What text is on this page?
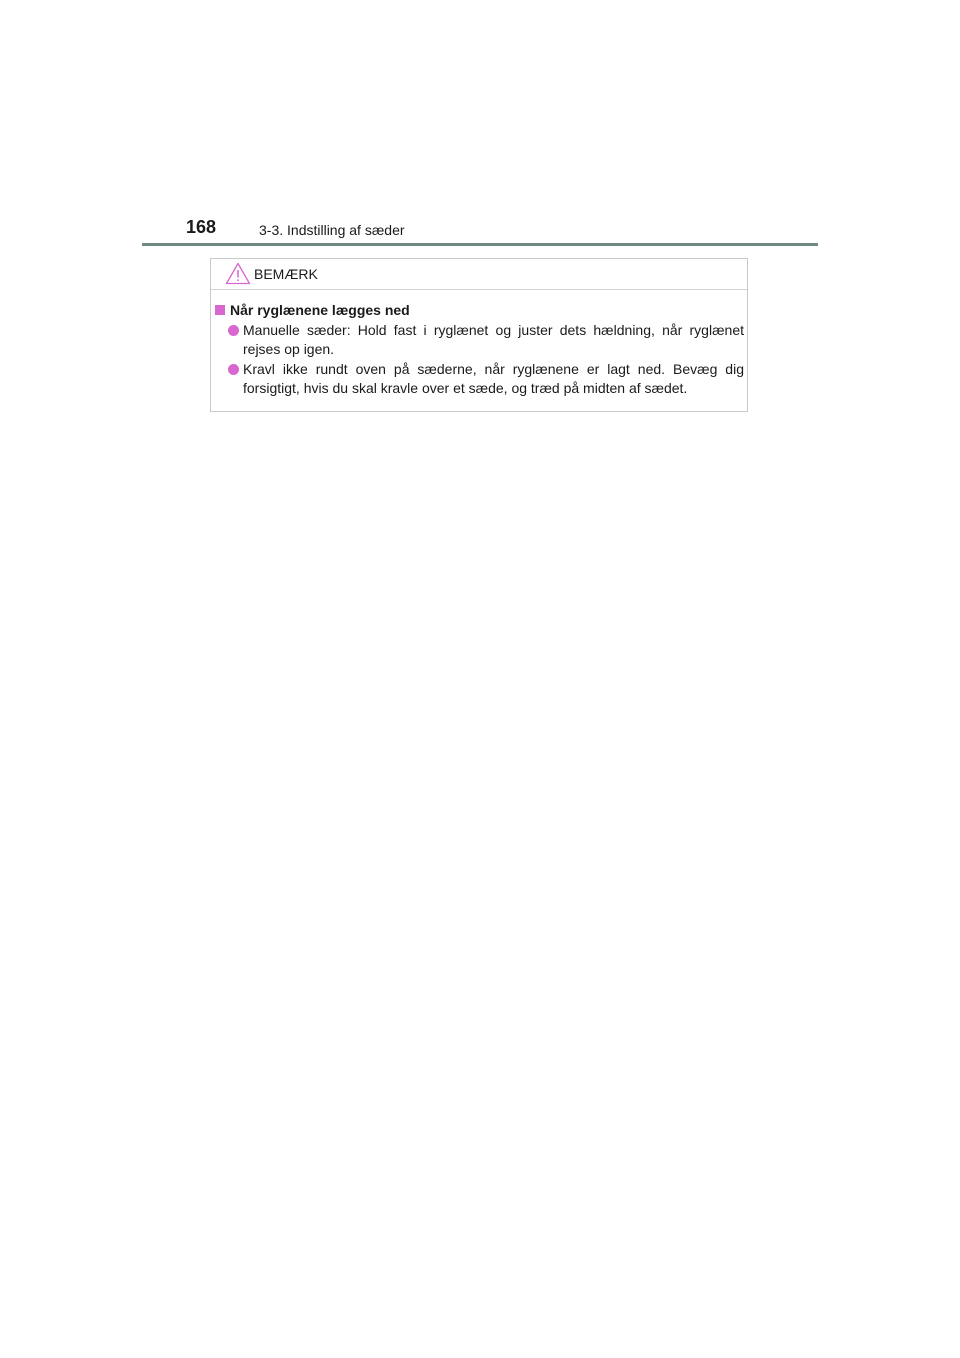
168	3-3. Indstilling af sæder
BEMÆRK
Når ryglænene lægges ned
Manuelle sæder: Hold fast i ryglænet og juster dets hældning, når ryglænet rejses op igen.
Kravl ikke rundt oven på sæderne, når ryglænene er lagt ned. Bevæg dig forsigtigt, hvis du skal kravle over et sæde, og træd på midten af sædet.
